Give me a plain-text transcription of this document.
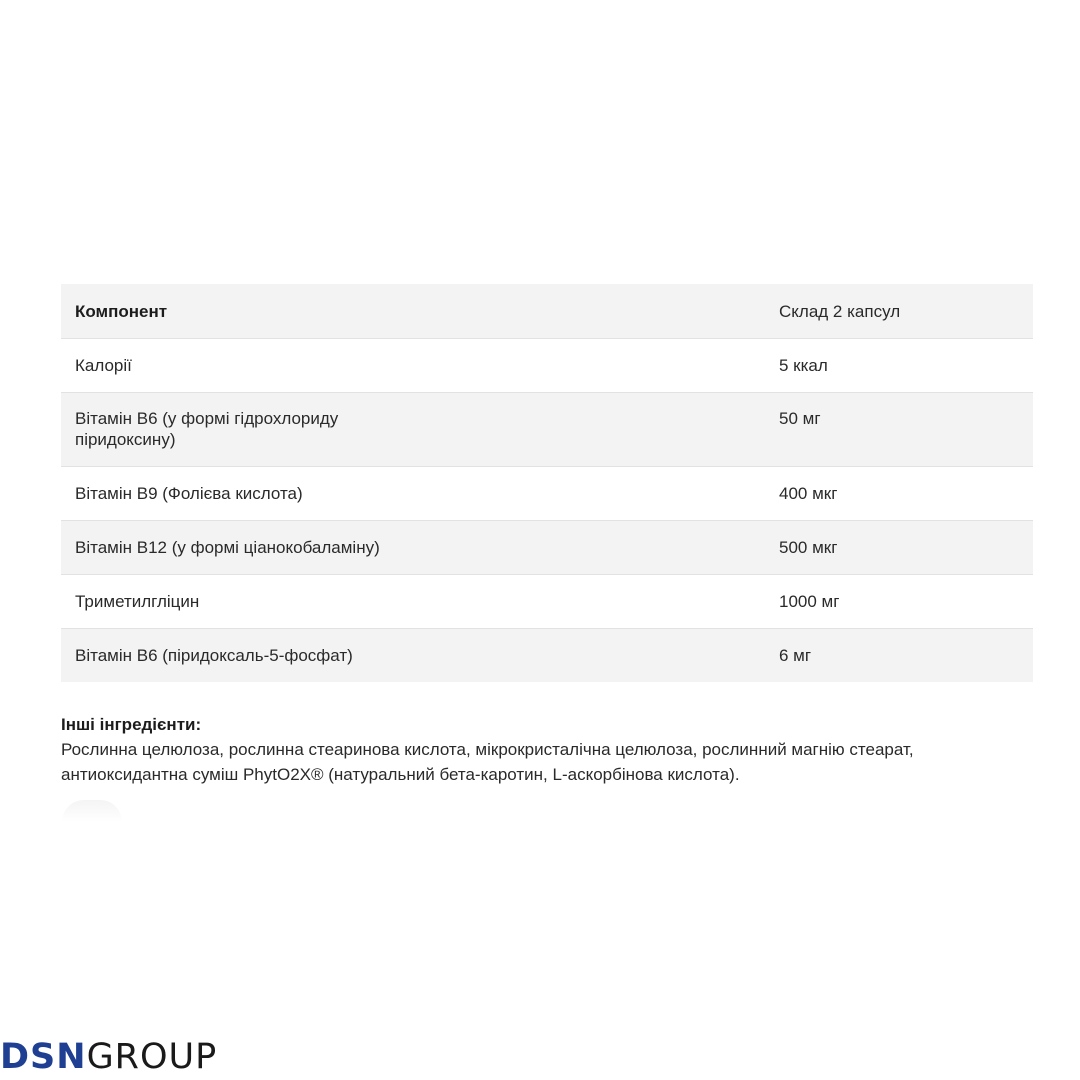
Компонент	Склад 2 капсул

Калорії	5 ккал

Вітамін В6 (у формі гідрохлориду піридоксину)	50 мг

Вітамін В9 (Фолієва кислота)	400 мкг

Вітамін В12 (у формі ціанокобаламіну)	500 мкг

Триметилгліцин	1000 мг

Вітамін В6 (піридоксаль-5-фосфат)	6 мг
Інші інгредієнти:
Рослинна целюлоза, рослинна стеаринова кислота, мікрокристалічна целюлоза, рослинний магнію стеарат, антиоксидантна суміш PhytO2X® (натуральний бета-каротин, L-аскорбінова кислота).
DSNGROUP
